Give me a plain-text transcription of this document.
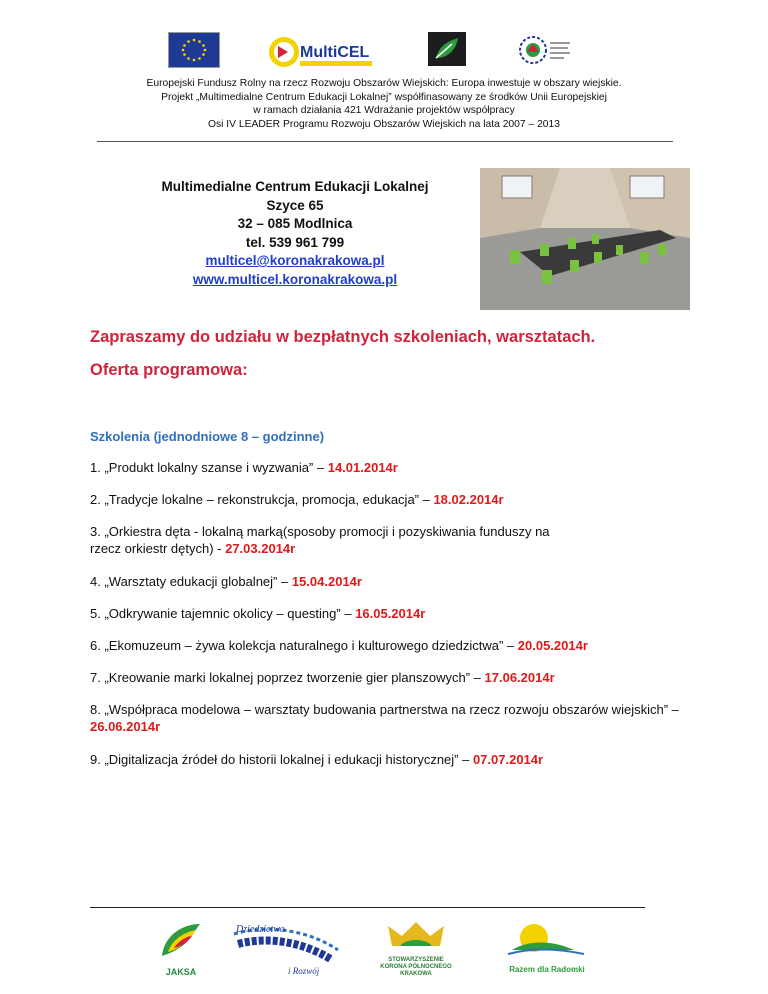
MultiCEL
Europejski Fundusz Rolny na rzecz Rozwoju Obszarów Wiejskich: Europa inwestuje w obszary wiejskie.
Projekt „Multimedialne Centrum Edukacji Lokalnej” współfinasowany ze środków Unii Europejskiej
w ramach działania 421 Wdrażanie projektów współpracy
Osi IV LEADER Programu Rozwoju Obszarów Wiejskich na lata 2007 – 2013
Multimedialne Centrum Edukacji Lokalnej
Szyce 65
32 – 085 Modlnica
tel. 539 961 799
multicel@koronakrakowa.pl
www.multicel.koronakrakowa.pl
Zapraszamy do udziału w bezpłatnych szkoleniach, warsztatach.
Oferta programowa:
Szkolenia (jednodniowe 8 – godzinne)
1. „Produkt lokalny szanse i wyzwania” – 14.01.2014r
2. „Tradycje lokalne – rekonstrukcja, promocja, edukacja” – 18.02.2014r
3. „Orkiestra dęta - lokalną marką(sposoby promocji i pozyskiwania funduszy na rzecz orkiestr dętych) - 27.03.2014r
4. „Warsztaty edukacji globalnej” – 15.04.2014r
5. „Odkrywanie tajemnic okolicy – questing” – 16.05.2014r
6. „Ekomuzeum – żywa kolekcja naturalnego i kulturowego dziedzictwa” – 20.05.2014r
7. „Kreowanie marki lokalnej poprzez tworzenie gier planszowych” – 17.06.2014r
8. „Współpraca modelowa – warsztaty budowania partnerstwa na rzecz rozwoju obszarów wiejskich” – 26.06.2014r
9. „Digitalizacja źródeł do historii lokalnej i edukacji historycznej” – 07.07.2014r
JAKSA
Dziedzictwo
i Rozwój
STOWARZYSZENIE KORONA PÓŁNOCNEGO KRAKOWA	Razem dla Radomki
